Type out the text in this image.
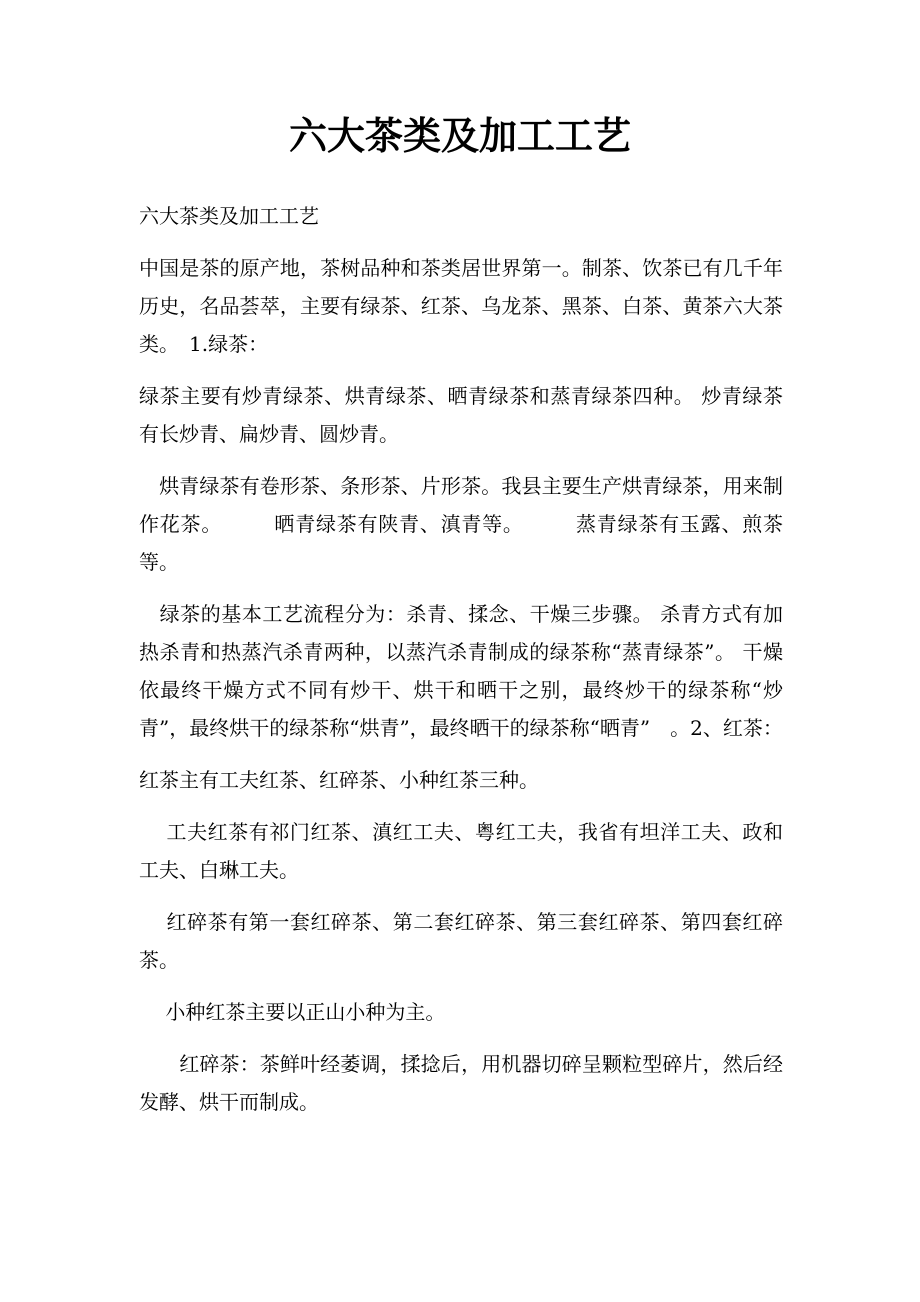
六大茶类及加工工艺

六大茶类及加工工艺

中国是茶的原产地，茶树品种和茶类居世界第一。制茶、饮茶已有几千年历史，名品荟萃，主要有绿茶、红茶、乌龙茶、黑茶、白茶、黄茶六大茶类。　1.绿茶：

绿茶主要有炒青绿茶、烘青绿茶、晒青绿茶和蒸青绿茶四种。 炒青绿茶有长炒青、扁炒青、圆炒青。

　烘青绿茶有卷形茶、条形茶、片形茶。我县主要生产烘青绿茶，用来制作花茶。　　　晒青绿茶有陕青、滇青等。　　　蒸青绿茶有玉露、煎茶等。

　绿茶的基本工艺流程分为：杀青、揉念、干燥三步骤。 杀青方式有加热杀青和热蒸汽杀青两种，以蒸汽杀青制成的绿茶称“蒸青绿茶”。 干燥依最终干燥方式不同有炒干、烘干和晒干之别，最终炒干的绿茶称“炒青”，最终烘干的绿茶称“烘青”，最终晒干的绿茶称“晒青”　。2、红茶：

红茶主有工夫红茶、红碎茶、小种红茶三种。

　 工夫红茶有祁门红茶、滇红工夫、粤红工夫，我省有坦洋工夫、政和工夫、白琳工夫。

　 红碎茶有第一套红碎茶、第二套红碎茶、第三套红碎茶、第四套红碎茶。

　 小种红茶主要以正山小种为主。

　　红碎茶：茶鲜叶经萎调，揉捻后，用机器切碎呈颗粒型碎片，然后经发酵、烘干而制成。
